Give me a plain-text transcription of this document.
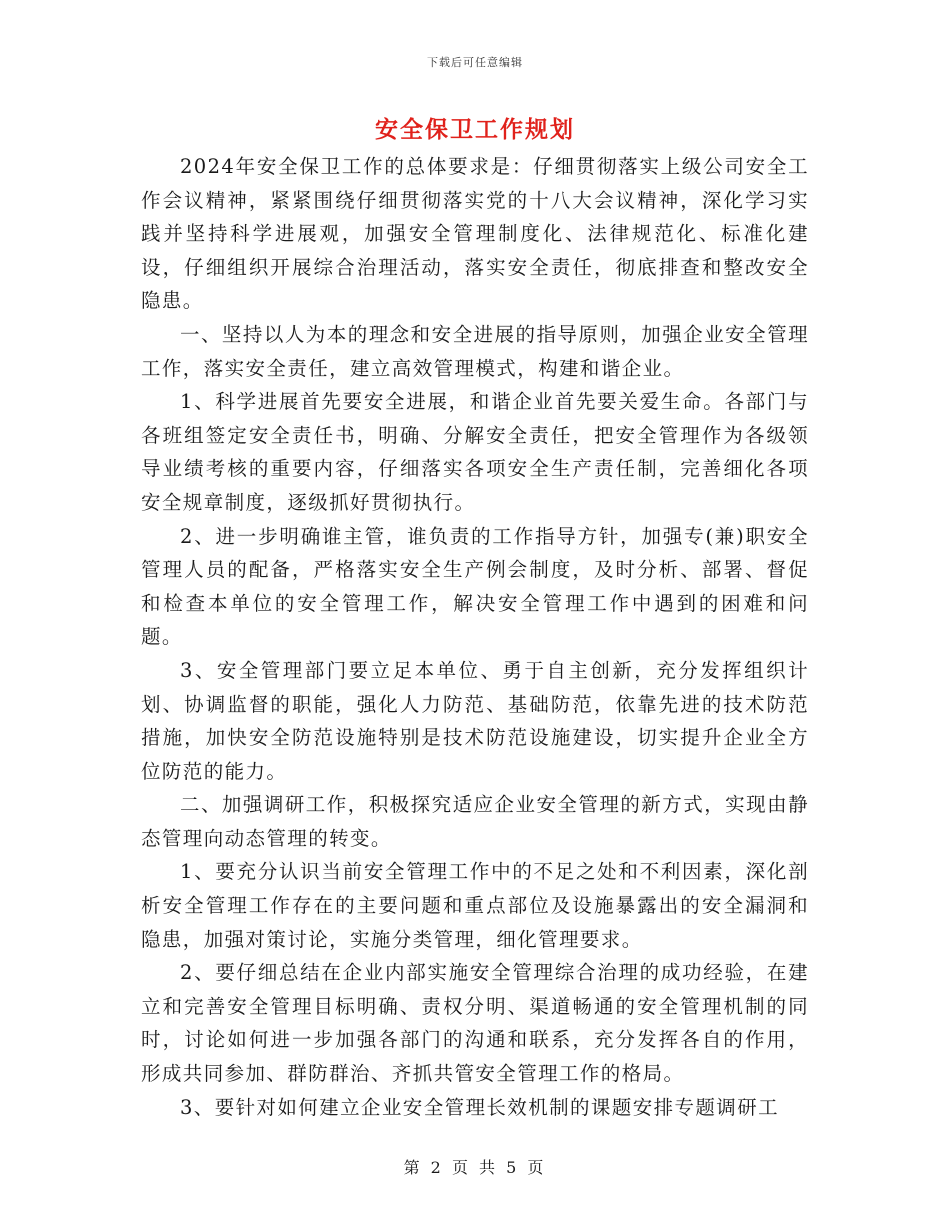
下载后可任意编辑
安全保卫工作规划

2024年安全保卫工作的总体要求是：仔细贯彻落实上级公司安全工作会议精神，紧紧围绕仔细贯彻落实党的十八大会议精神，深化学习实践并坚持科学进展观，加强安全管理制度化、法律规范化、标准化建设，仔细组织开展综合治理活动，落实安全责任，彻底排查和整改安全隐患。

一、坚持以人为本的理念和安全进展的指导原则，加强企业安全管理工作，落实安全责任，建立高效管理模式，构建和谐企业。

1、科学进展首先要安全进展，和谐企业首先要关爱生命。各部门与各班组签定安全责任书，明确、分解安全责任，把安全管理作为各级领导业绩考核的重要内容，仔细落实各项安全生产责任制，完善细化各项安全规章制度，逐级抓好贯彻执行。

2、进一步明确谁主管，谁负责的工作指导方针，加强专(兼)职安全管理人员的配备，严格落实安全生产例会制度，及时分析、部署、督促和检查本单位的安全管理工作，解决安全管理工作中遇到的困难和问题。

3、安全管理部门要立足本单位、勇于自主创新，充分发挥组织计划、协调监督的职能，强化人力防范、基础防范，依靠先进的技术防范措施，加快安全防范设施特别是技术防范设施建设，切实提升企业全方位防范的能力。

二、加强调研工作，积极探究适应企业安全管理的新方式，实现由静态管理向动态管理的转变。

1、要充分认识当前安全管理工作中的不足之处和不利因素，深化剖析安全管理工作存在的主要问题和重点部位及设施暴露出的安全漏洞和隐患，加强对策讨论，实施分类管理，细化管理要求。

2、要仔细总结在企业内部实施安全管理综合治理的成功经验，在建立和完善安全管理目标明确、责权分明、渠道畅通的安全管理机制的同时，讨论如何进一步加强各部门的沟通和联系，充分发挥各自的作用，形成共同参加、群防群治、齐抓共管安全管理工作的格局。

3、要针对如何建立企业安全管理长效机制的课题安排专题调研工

第 2 页 共 5 页
